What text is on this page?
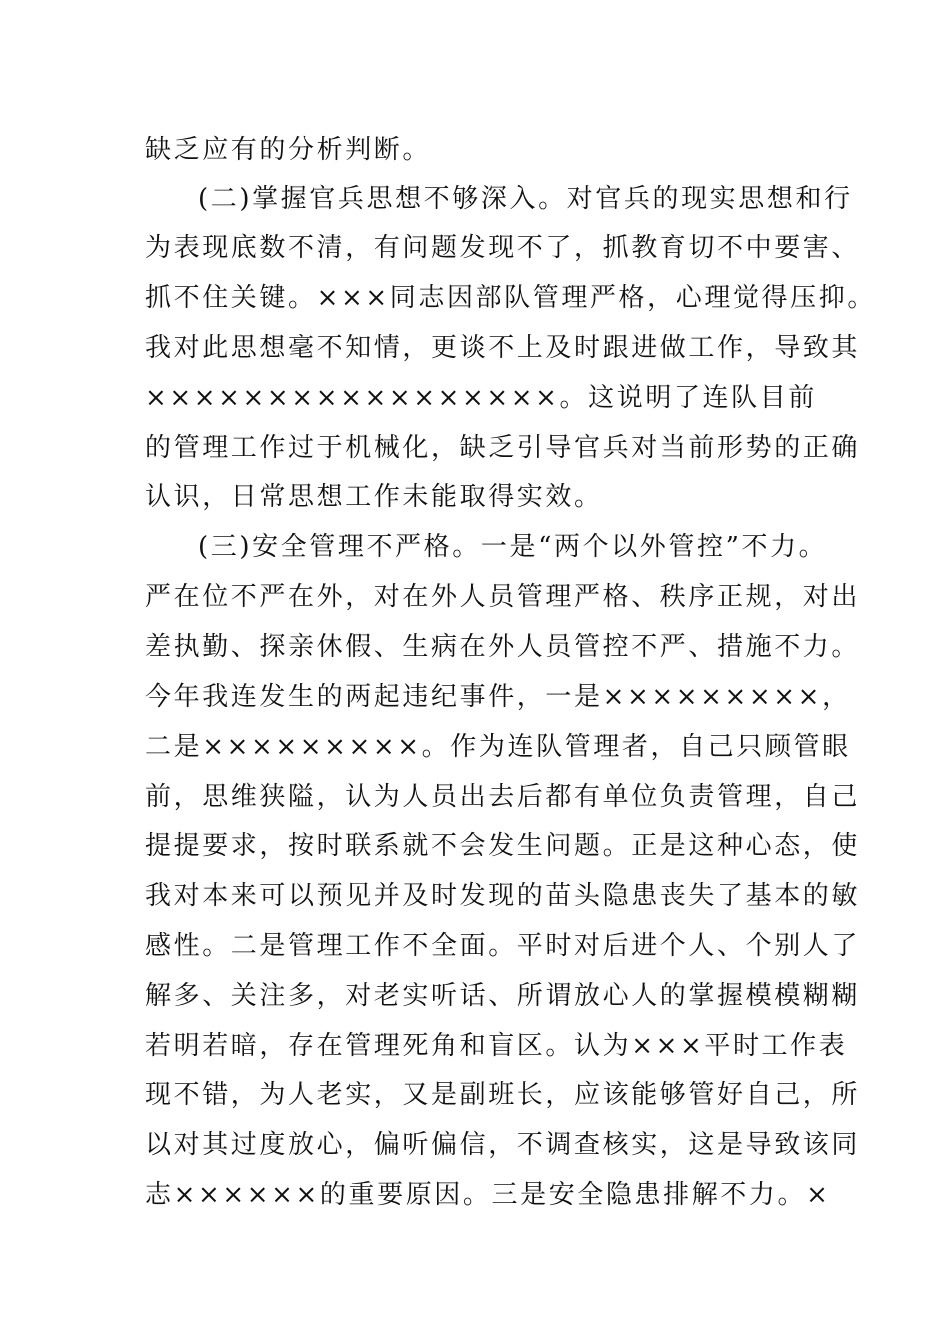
缺乏应有的分析判断。
(二)掌握官兵思想不够深入。对官兵的现实思想和行
为表现底数不清，有问题发现不了，抓教育切不中要害、
抓不住关键。×××同志因部队管理严格，心理觉得压抑。
我对此思想毫不知情，更谈不上及时跟进做工作，导致其
×××××××××××××××××。这说明了连队目前
的管理工作过于机械化，缺乏引导官兵对当前形势的正确
认识，日常思想工作未能取得实效。
(三)安全管理不严格。一是“两个以外管控”不力。
严在位不严在外，对在外人员管理严格、秩序正规，对出
差执勤、探亲休假、生病在外人员管控不严、措施不力。
今年我连发生的两起违纪事件，一是×××××××××，
二是×××××××××。作为连队管理者，自己只顾管眼
前，思维狭隘，认为人员出去后都有单位负责管理，自己
提提要求，按时联系就不会发生问题。正是这种心态，使
我对本来可以预见并及时发现的苗头隐患丧失了基本的敏
感性。二是管理工作不全面。平时对后进个人、个别人了
解多、关注多，对老实听话、所谓放心人的掌握模模糊糊
若明若暗，存在管理死角和盲区。认为×××平时工作表
现不错，为人老实，又是副班长，应该能够管好自己，所
以对其过度放心，偏听偏信，不调查核实，这是导致该同
志××××××的重要原因。三是安全隐患排解不力。×
